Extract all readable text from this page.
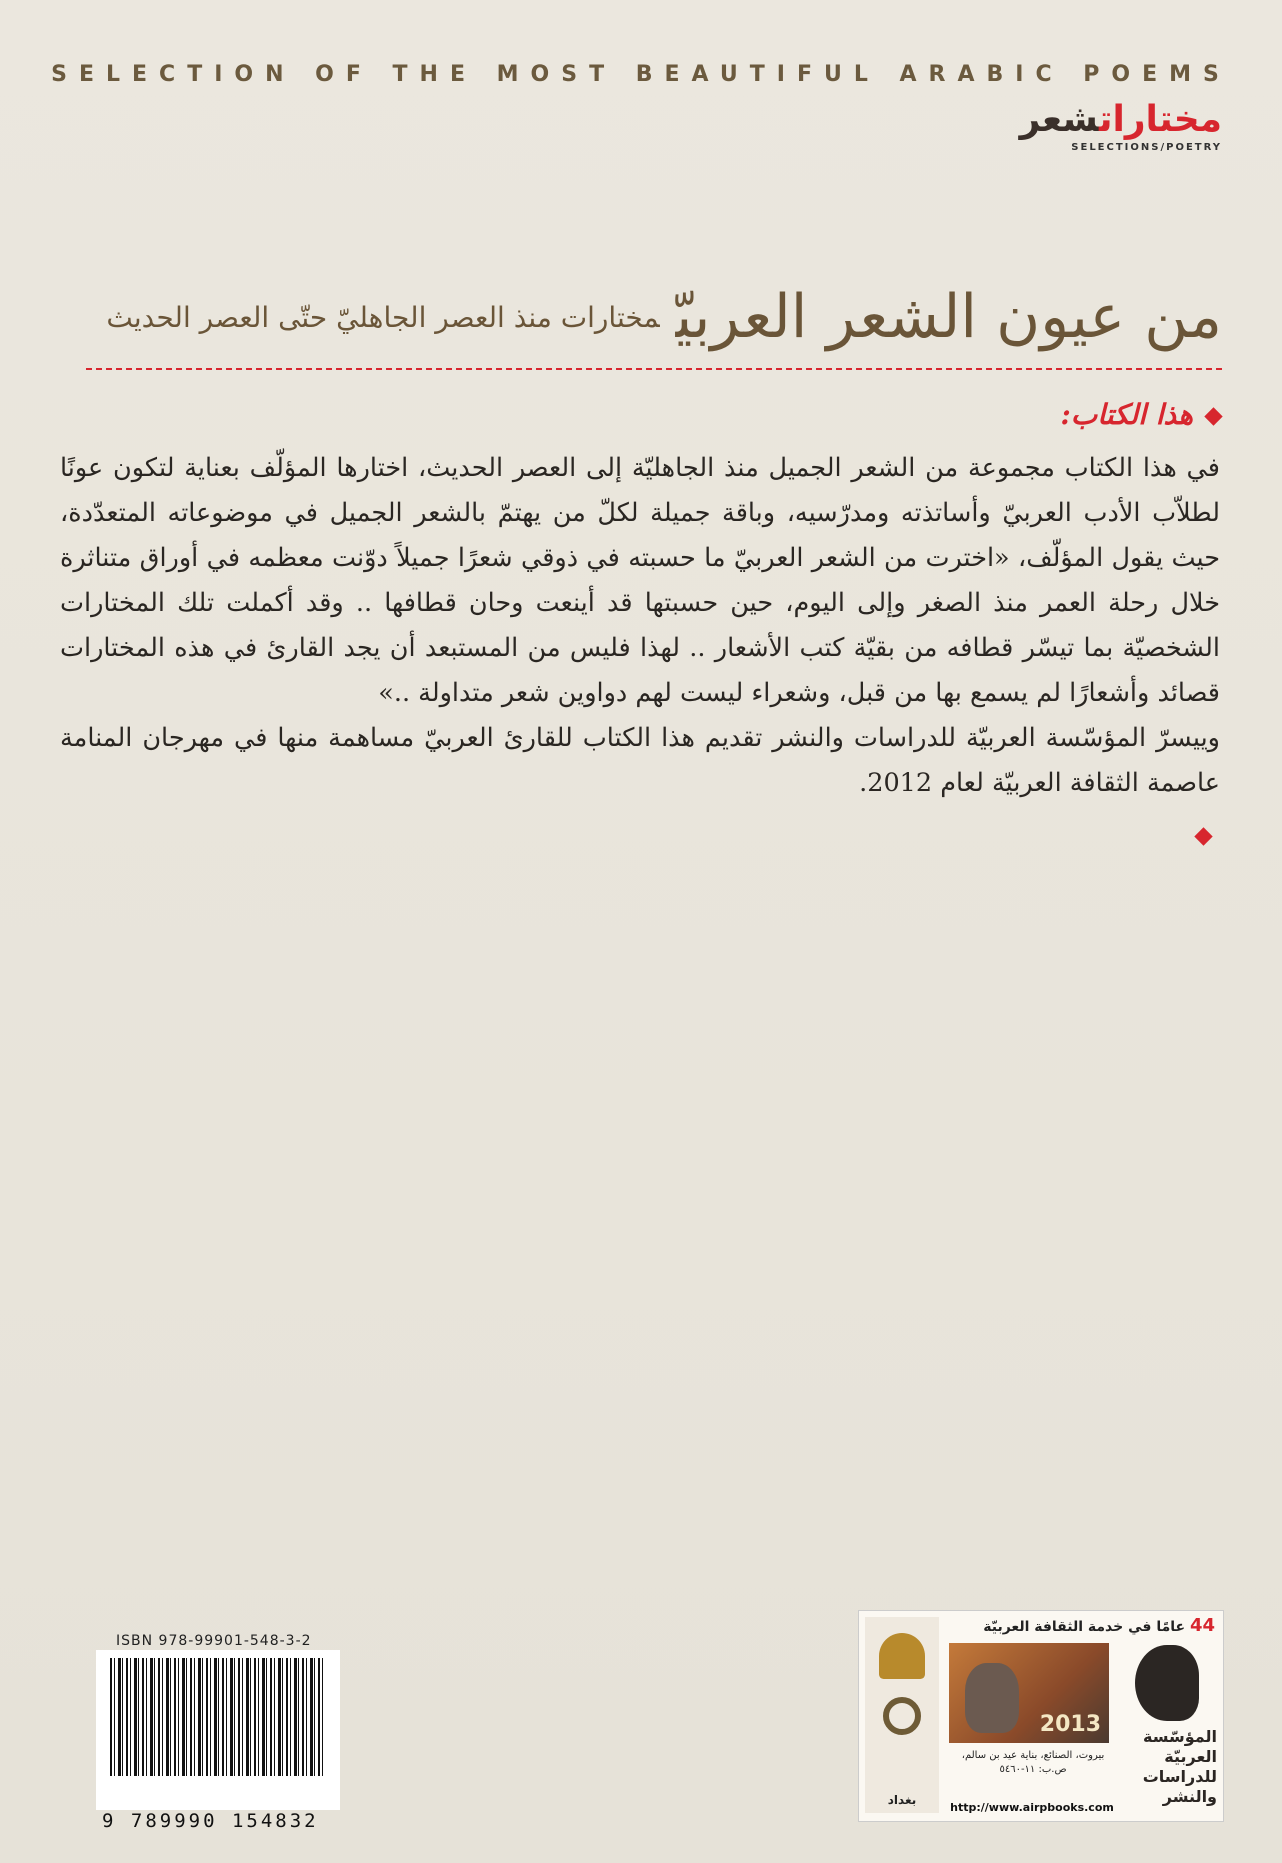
SELECTION OF THE MOST BEAUTIFUL ARABIC POEMS
مختاراتشعر
SELECTIONS/POETRY
من عيون الشعر العربيّمختارات منذ العصر الجاهليّ حتّى العصر الحديث
هذا الكتاب:

في هذا الكتاب مجموعة من الشعر الجميل منذ الجاهليّة إلى العصر الحديث، اختارها المؤلّف بعناية لتكون عونًا لطلاّب الأدب العربيّ وأساتذته ومدرّسيه، وباقة جميلة لكلّ من يهتمّ بالشعر الجميل في موضوعاته المتعدّدة، حيث يقول المؤلّف، «اخترت من الشعر العربيّ ما حسبته في ذوقي شعرًا جميلاً دوّنت معظمه في أوراق متناثرة خلال رحلة العمر منذ الصغر وإلى اليوم، حين حسبتها قد أينعت وحان قطافها .. وقد أكملت تلك المختارات الشخصيّة بما تيسّر قطافه من بقيّة كتب الأشعار .. لهذا فليس من المستبعد أن يجد القارئ في هذه المختارات قصائد وأشعارًا لم يسمع بها من قبل، وشعراء ليست لهم دواوين شعر متداولة ..»

وييسرّ المؤسّسة العربيّة للدراسات والنشر تقديم هذا الكتاب للقارئ العربيّ مساهمة منها في مهرجان المنامة عاصمة الثقافة العربيّة لعام 2012.

ISBN 978-99901-548-3-2
9 789990 154832
بغداد
44 عامًا في خدمة الثقافة العربيّة
2013
بيروت، الصنائع، بناية عيد بن سالم، ص.ب: ١١-٥٤٦٠
http://www.airpbooks.com
المؤسّسة العربيّة للدراسات والنشر
